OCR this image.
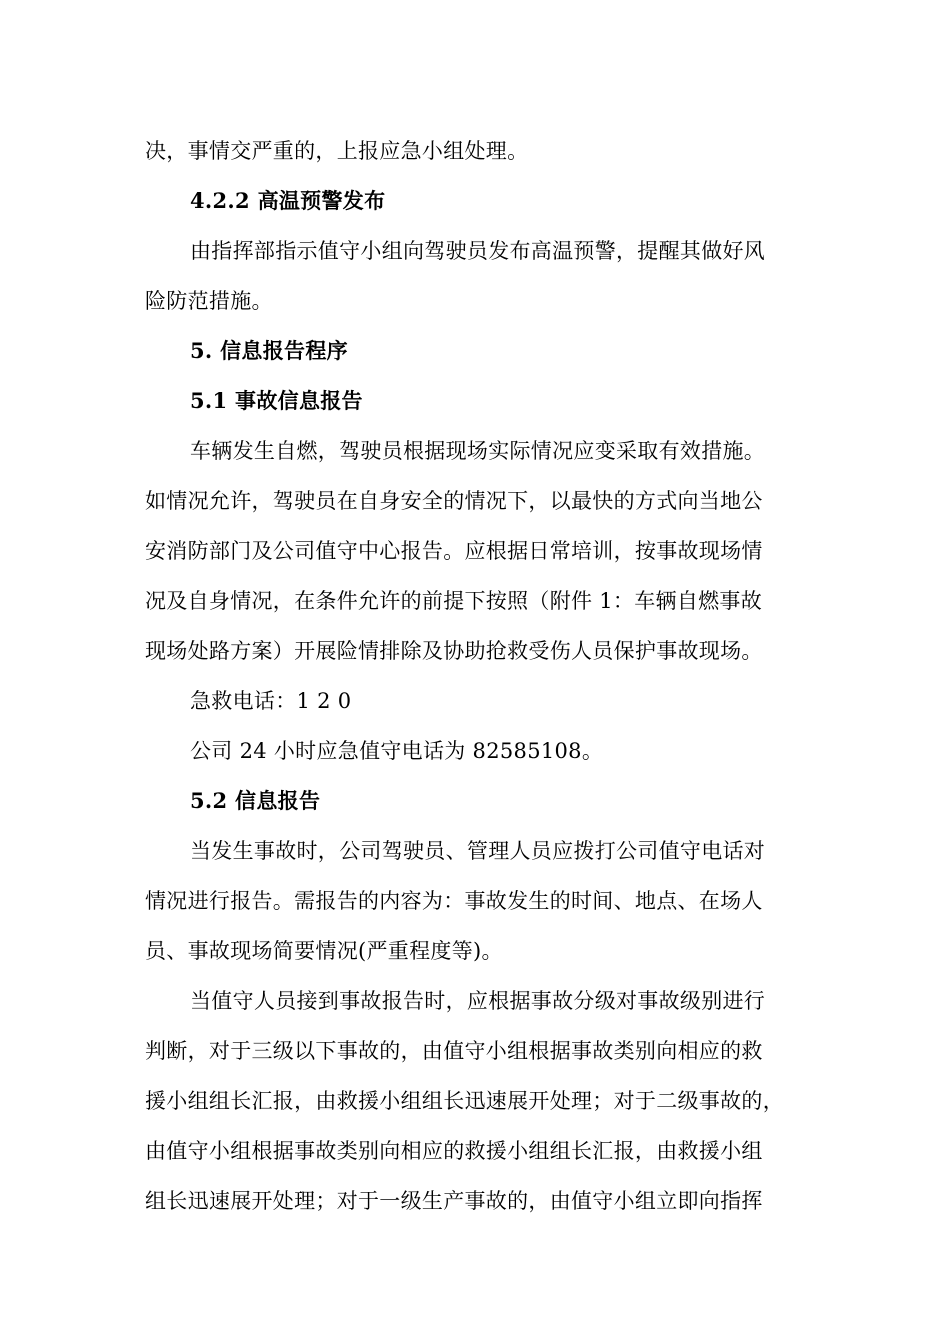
决，事情交严重的，上报应急小组处理。
4.2.2 高温预警发布
由指挥部指示值守小组向驾驶员发布高温预警，提醒其做好风
险防范措施。
5. 信息报告程序
5.1 事故信息报告
车辆发生自燃，驾驶员根据现场实际情况应变采取有效措施。
如情况允许，驾驶员在自身安全的情况下，以最快的方式向当地公
安消防部门及公司值守中心报告。应根据日常培训，按事故现场情
况及自身情况，在条件允许的前提下按照（附件 1：车辆自燃事故
现场处路方案）开展险情排除及协助抢救受伤人员保护事故现场。
急救电话：1 2 0
公司 24 小时应急值守电话为 82585108。
5.2 信息报告
当发生事故时，公司驾驶员、管理人员应拨打公司值守电话对
情况进行报告。需报告的内容为：事故发生的时间、地点、在场人
员、事故现场简要情况(严重程度等)。
当值守人员接到事故报告时，应根据事故分级对事故级别进行
判断，对于三级以下事故的，由值守小组根据事故类别向相应的救
援小组组长汇报，由救援小组组长迅速展开处理；对于二级事故的，
由值守小组根据事故类别向相应的救援小组组长汇报，由救援小组
组长迅速展开处理；对于一级生产事故的，由值守小组立即向指挥
